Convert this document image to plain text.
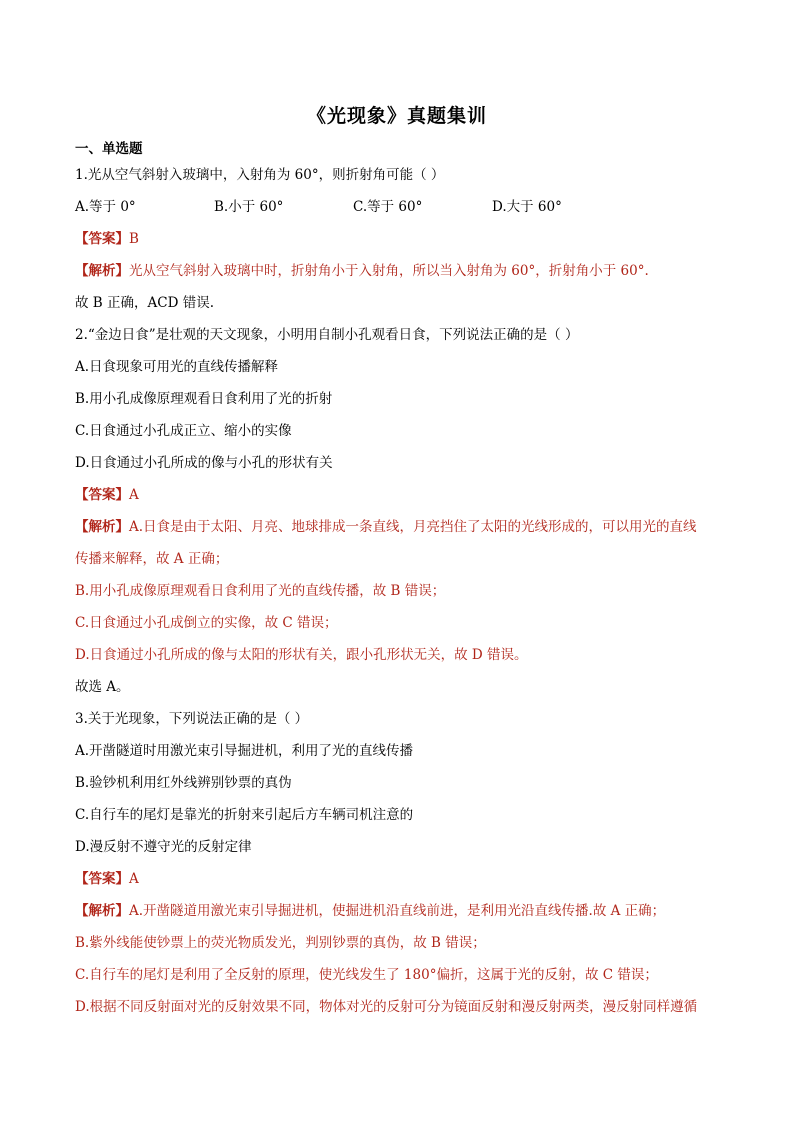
《光现象》真题集训
一、单选题
1.光从空气斜射入玻璃中，入射角为 60°，则折射角可能（ ）
A.等于 0°	B.小于 60°	C.等于 60°	D.大于 60°
【答案】B
【解析】光从空气斜射入玻璃中时，折射角小于入射角，所以当入射角为 60°，折射角小于 60°.
故 B 正确，ACD 错误.
2.“金边日食”是壮观的天文现象，小明用自制小孔观看日食，下列说法正确的是（ ）
A.日食现象可用光的直线传播解释
B.用小孔成像原理观看日食利用了光的折射
C.日食通过小孔成正立、缩小的实像
D.日食通过小孔所成的像与小孔的形状有关
【答案】A
【解析】A.日食是由于太阳、月亮、地球排成一条直线，月亮挡住了太阳的光线形成的，可以用光的直线
传播来解释，故 A 正确；
B.用小孔成像原理观看日食利用了光的直线传播，故 B 错误；
C.日食通过小孔成倒立的实像，故 C 错误；
D.日食通过小孔所成的像与太阳的形状有关，跟小孔形状无关，故 D 错误。
故选 A。
3.关于光现象，下列说法正确的是（ ）
A.开凿隧道时用激光束引导掘进机，利用了光的直线传播
B.验钞机利用红外线辨别钞票的真伪
C.自行车的尾灯是靠光的折射来引起后方车辆司机注意的
D.漫反射不遵守光的反射定律
【答案】A
【解析】A.开凿隧道用激光束引导掘进机，使掘进机沿直线前进，是利用光沿直线传播.故 A 正确；
B.紫外线能使钞票上的荧光物质发光，判别钞票的真伪，故 B 错误；
C.自行车的尾灯是利用了全反射的原理，使光线发生了 180°偏折，这属于光的反射，故 C 错误；
D.根据不同反射面对光的反射效果不同，物体对光的反射可分为镜面反射和漫反射两类，漫反射同样遵循
